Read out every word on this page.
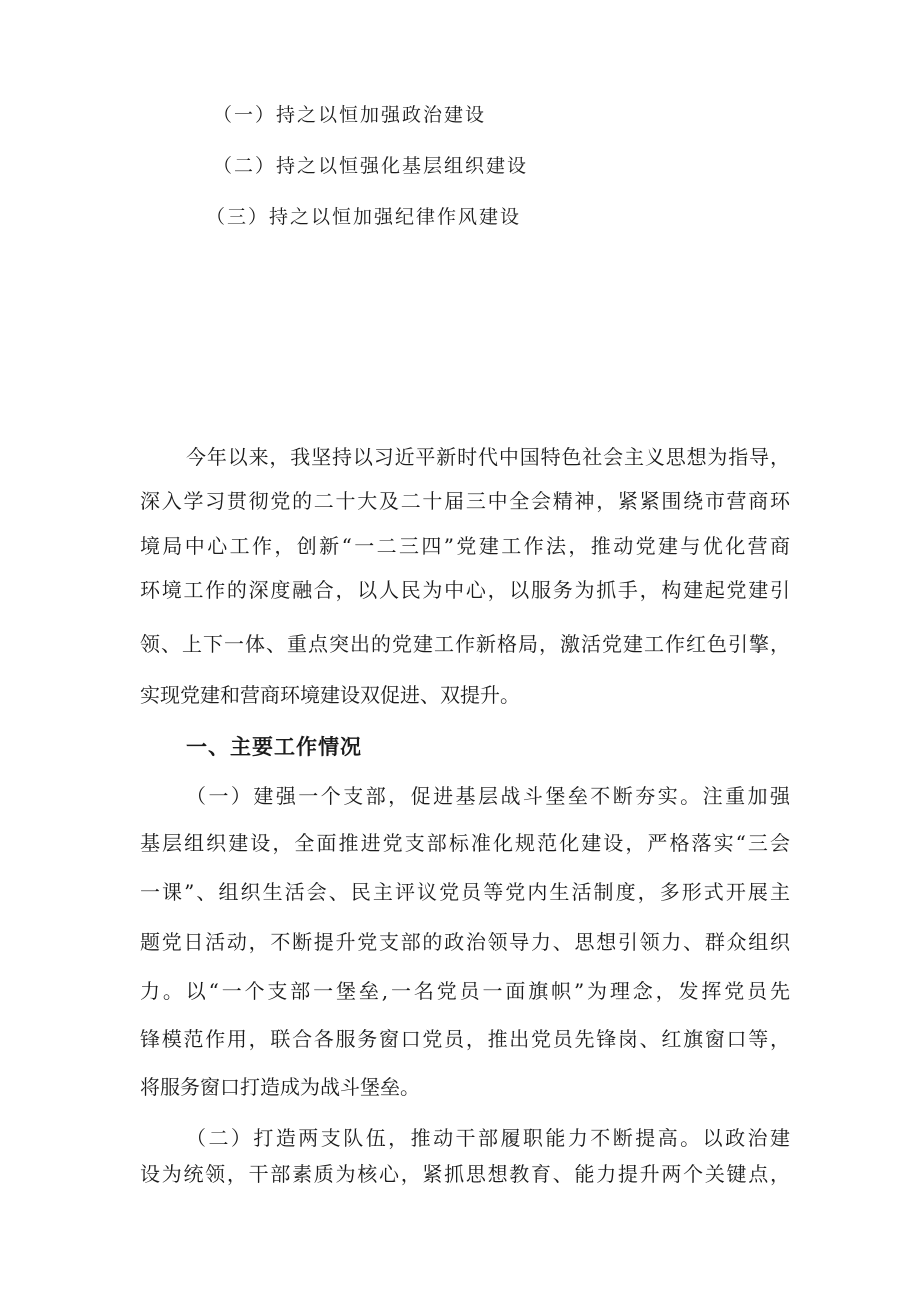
（一）持之以恒加强政治建设
（二）持之以恒强化基层组织建设
（三）持之以恒加强纪律作风建设
今年以来，我坚持以习近平新时代中国特色社会主义思想为指导，
深入学习贯彻党的二十大及二十届三中全会精神，紧紧围绕市营商环
境局中心工作，创新“一二三四”党建工作法，推动党建与优化营商
环境工作的深度融合，以人民为中心，以服务为抓手，构建起党建引
领、上下一体、重点突出的党建工作新格局，激活党建工作红色引擎，
实现党建和营商环境建设双促进、双提升。
一、主要工作情况
（一）建强一个支部，促进基层战斗堡垒不断夯实。注重加强
基层组织建设，全面推进党支部标准化规范化建设，严格落实“三会
一课”、组织生活会、民主评议党员等党内生活制度，多形式开展主
题党日活动，不断提升党支部的政治领导力、思想引领力、群众组织
力。以“一个支部一堡垒,一名党员一面旗帜”为理念，发挥党员先
锋模范作用，联合各服务窗口党员，推出党员先锋岗、红旗窗口等，
将服务窗口打造成为战斗堡垒。
（二）打造两支队伍，推动干部履职能力不断提高。以政治建
设为统领，干部素质为核心，紧抓思想教育、能力提升两个关键点，
